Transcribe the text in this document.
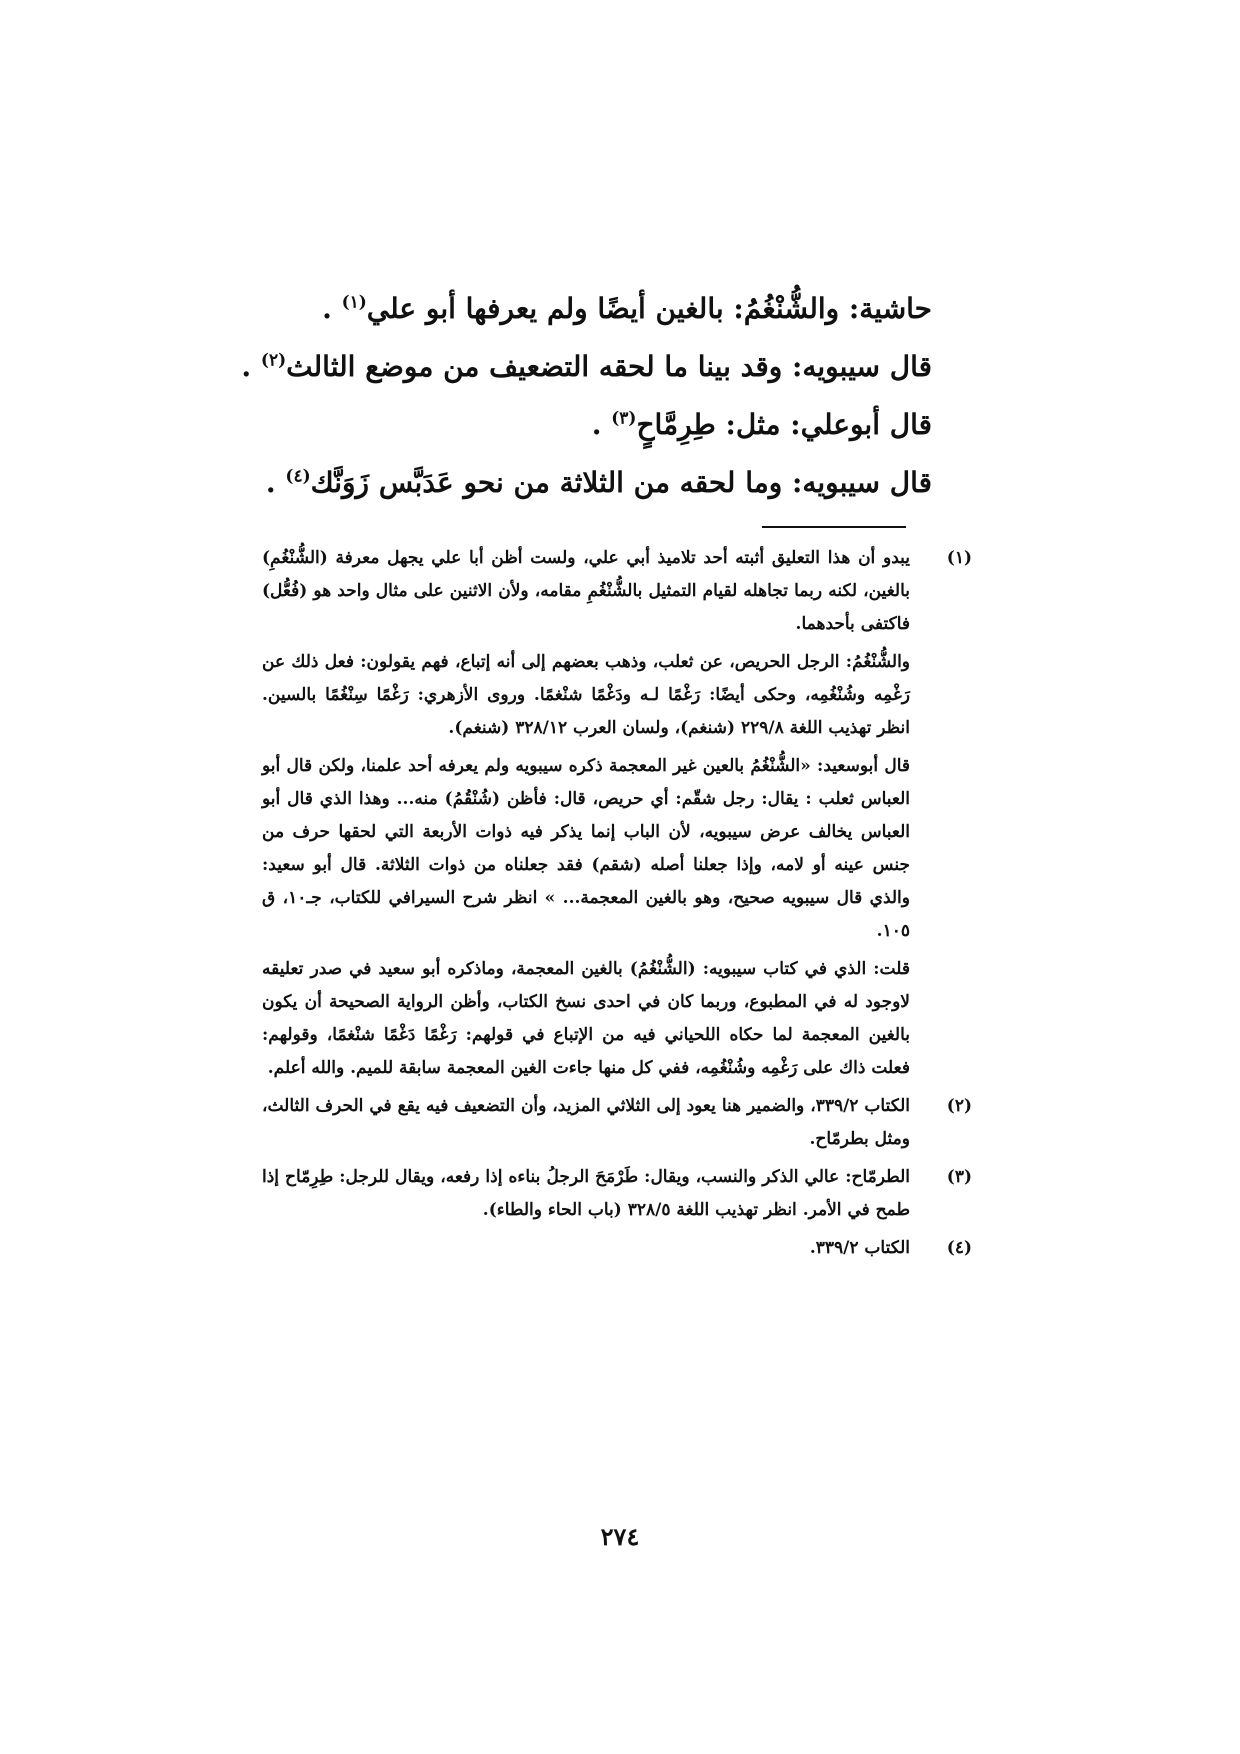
حاشية: والشُّنْغُمُ: بالغين أيضًا ولم يعرفها أبو علي$^{(١)}$ .
قال سيبويه: وقد بينا ما لحقه التضعيف من موضع الثالث$^{(٢)}$ .
قال أبوعلي: مثل: طِرِمَّاحٍ$^{(٣)}$ .
قال سيبويه: وما لحقه من الثلاثة من نحو عَدَبَّس زَوَنَّك$^{(٤)}$ .
(١)

يبدو أن هذا التعليق أثبته أحد تلاميذ أبي علي، ولست أظن أبا علي يجهل معرفة (الشُّنْغُمِ) بالغين، لكنه ربما تجاهله لقيام التمثيل بالشُّنْغُمِ مقامه، ولأن الاثنين على مثال واحد هو (فُعُّل) فاكتفى بأحدهما.

والشُّنْغُمُ: الرجل الحريص، عن ثعلب، وذهب بعضهم إلى أنه إتباع، فهم يقولون: فعل ذلك عن رَغْمِه وشُنْغُمِه، وحكى أيضًا: رَغْمًا لـه ودَغْمًا شنْغمًا. وروى الأزهري: رَغْمًا سِنْغُمًا بالسين. انظر تهذيب اللغة ٢٢٩/٨ (شنغم)، ولسان العرب ٣٢٨/١٢ (شنغم).

قال أبوسعيد: «الشُّنْغُمُ بالعين غير المعجمة ذكره سيبويه ولم يعرفه أحد علمنا، ولكن قال أبو العباس ثعلب : يقال: رجل شقّم: أي حريص، قال: فأظن (شُنْقُمُ) منه... وهذا الذي قال أبو العباس يخالف عرض سيبويه، لأن الباب إنما يذكر فيه ذوات الأربعة التي لحقها حرف من جنس عينه أو لامه، وإذا جعلنا أصله (شقم) فقد جعلناه من ذوات الثلاثة. قال أبو سعيد: والذي قال سيبويه صحيح، وهو بالغين المعجمة... » انظر شرح السيرافي للكتاب، جـ١٠، ق ١٠٥.

قلت: الذي في كتاب سيبويه: (الشُّنْغُمُ) بالغين المعجمة، وماذكره أبو سعيد في صدر تعليقه لاوجود له في المطبوع، وربما كان في احدى نسخ الكتاب، وأظن الرواية الصحيحة أن يكون بالغين المعجمة لما حكاه اللحياني فيه من الإتباع في قولهم: رَغْمًا دَغْمًا شنْغمًا، وقولهم: فعلت ذاك على رَغْمِه وشُنْغُمِه، ففي كل منها جاءت الغين المعجمة سابقة للميم. والله أعلم.

(٢)

الكتاب ٣٣٩/٢، والضمير هنا يعود إلى الثلاثي المزيد، وأن التضعيف فيه يقع في الحرف الثالث، ومثل بطرمّاح.

(٣)

الطرمّاح: عالي الذكر والنسب، ويقال: طَرْمَحَ الرجلُ بناءه إذا رفعه، ويقال للرجل: طِرِمّاح إذا طمح في الأمر. انظر تهذيب اللغة ٣٢٨/٥ (باب الحاء والطاء).

(٤)

الكتاب ٣٣٩/٢.

٢٧٤
